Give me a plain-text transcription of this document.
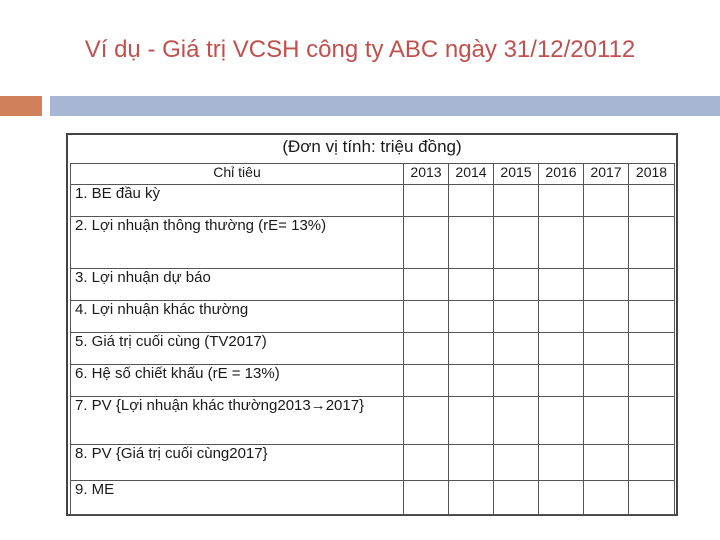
Ví dụ - Giá trị VCSH công ty ABC ngày 31/12/20112
(Đơn vị tính: triệu đồng)
Chỉ tiêu	2013	2014	2015	2016	2017	2018
1. BE đầu kỳ						
2. Lợi nhuận thông thường (rE= 13%)						
3. Lợi nhuận dự báo						
4. Lợi nhuận khác thường						
5. Giá trị cuối cùng (TV2017)						
6. Hệ số chiết khấu (rE = 13%)						
7. PV {Lợi nhuận khác thường2013→2017}						
8. PV {Giá trị cuối cùng2017}						
9. ME						
